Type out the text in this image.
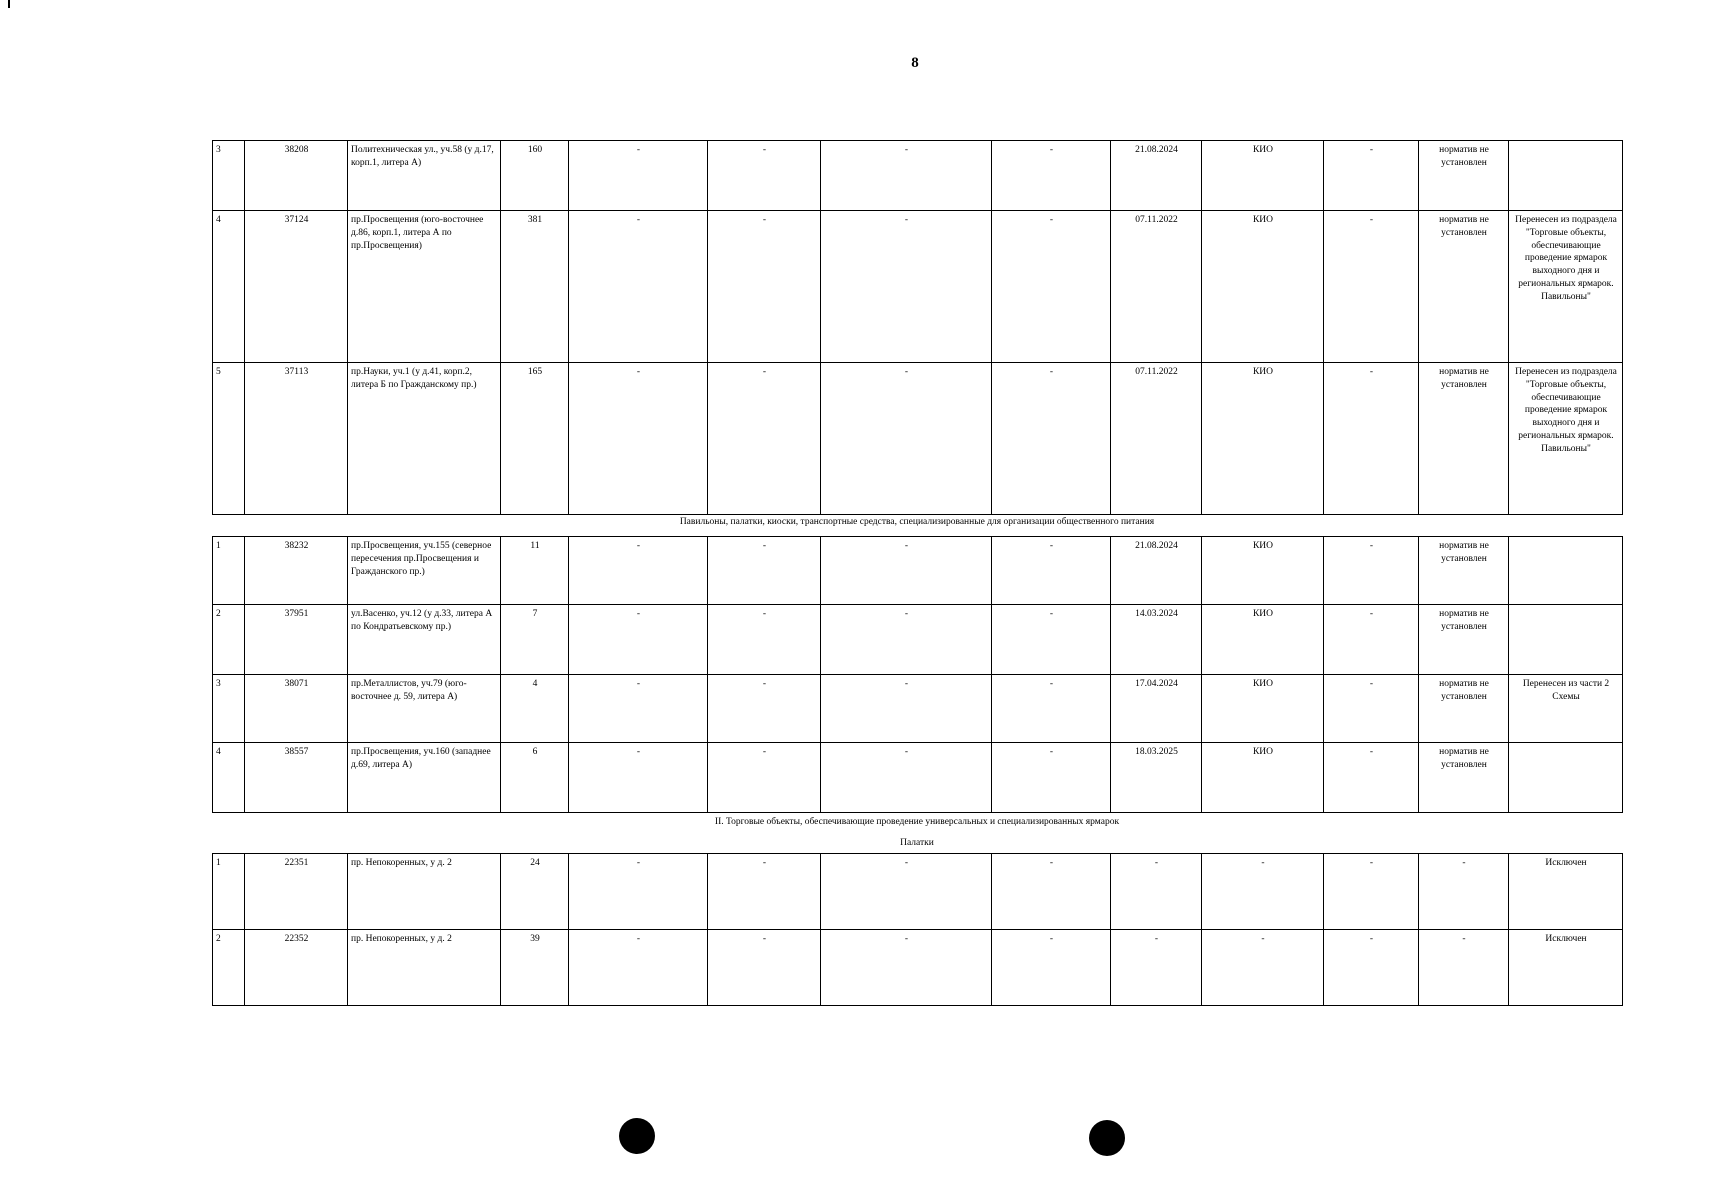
8
3	38208	Политехническая ул., уч.58 (у д.17, корп.1, литера А)	160	-	-	-	-	21.08.2024	КИО	-	норматив не установлен	
4	37124	пр.Просвещения (юго-восточнее д.86, корп.1, литера А по пр.Просвещения)	381	-	-	-	-	07.11.2022	КИО	-	норматив не установлен	Перенесен из подраздела "Торговые объекты, обеспечивающие проведение ярмарок выходного дня и региональных ярмарок. Павильоны"
5	37113	пр.Науки, уч.1 (у д.41, корп.2, литера Б по Гражданскому пр.)	165	-	-	-	-	07.11.2022	КИО	-	норматив не установлен	Перенесен из подраздела "Торговые объекты, обеспечивающие проведение ярмарок выходного дня и региональных ярмарок. Павильоны"
Павильоны, палатки, киоски, транспортные средства, специализированные для организации общественного питания
1	38232	пр.Просвещения, уч.155 (северное пересечения пр.Просвещения и Гражданского пр.)	11	-	-	-	-	21.08.2024	КИО	-	норматив не установлен	
2	37951	ул.Васенко, уч.12 (у д.33, литера А по Кондратьевскому пр.)	7	-	-	-	-	14.03.2024	КИО	-	норматив не установлен	
3	38071	пр.Металлистов, уч.79 (юго-восточнее д. 59, литера А)	4	-	-	-	-	17.04.2024	КИО	-	норматив не установлен	Перенесен из части 2 Схемы
4	38557	пр.Просвещения, уч.160 (западнее д.69, литера А)	6	-	-	-	-	18.03.2025	КИО	-	норматив не установлен	
II. Торговые объекты, обеспечивающие проведение универсальных и специализированных ярмарок
Палатки
1	22351	пр. Непокоренных, у д. 2	24	-	-	-	-	-	-	-	-	Исключен
2	22352	пр. Непокоренных, у д. 2	39	-	-	-	-	-	-	-	-	Исключен
